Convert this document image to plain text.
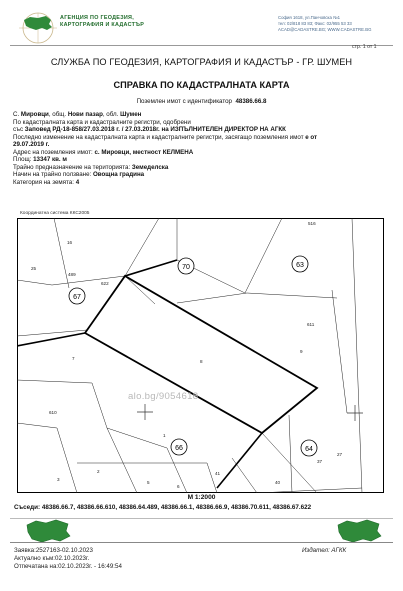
АГЕНЦИЯ ПО ГЕОДЕЗИЯ,
КАРТОГРАФИЯ И КАДАСТЪР
София 1618, ул.Панчовска №1
тел: 02/818 83 83; Факс: 02/955 53 33
ACAD@CADASTRE.BG; WWW.CADASTRE.BG
стр. 1 от 1
СЛУЖБА ПО ГЕОДЕЗИЯ, КАРТОГРАФИЯ И КАДАСТЪР - ГР. ШУМЕН
СПРАВКА ПО КАДАСТРАЛНАТА КАРТА
Поземлен имот с идентификатор 48386.66.8
С. Мировци, общ. Нови пазар, обл. Шумен
По кадастралната карта и кадастралните регистри, одобрени
със Заповед РД-18-858/27.03.2018 г. / 27.03.2018г. на ИЗПЪЛНИТЕЛЕН ДИРЕКТОР НА АГКК
Последно изменение на кадастралната карта и кадастралните регистри, засягащо поземления имот е от
29.07.2019 г.
Адрес на поземления имот: с. Мировци, местност КЕЛМЕНА
Площ: 13347 кв. м
Трайно предназначение на територията: Земеделска
Начин на трайно ползване: Овощна градина
Категория на земята: 4
Координатна система ККС2005
67
70	63
66	64
8
9
7
610
1
2
3
5
6
611
489
622
16
25
41
40
37
27
516
alo.bg/9054618
М 1:2000
Съседи: 48386.66.7, 48386.66.610, 48386.64.489, 48386.66.1, 48386.66.9, 48386.70.611, 48386.67.622
Заявка:2527163-02.10.2023
Актуално към:02.10.2023г.
Отпечатана на:02.10.2023г. - 16:49:54
Издател: АГКК
